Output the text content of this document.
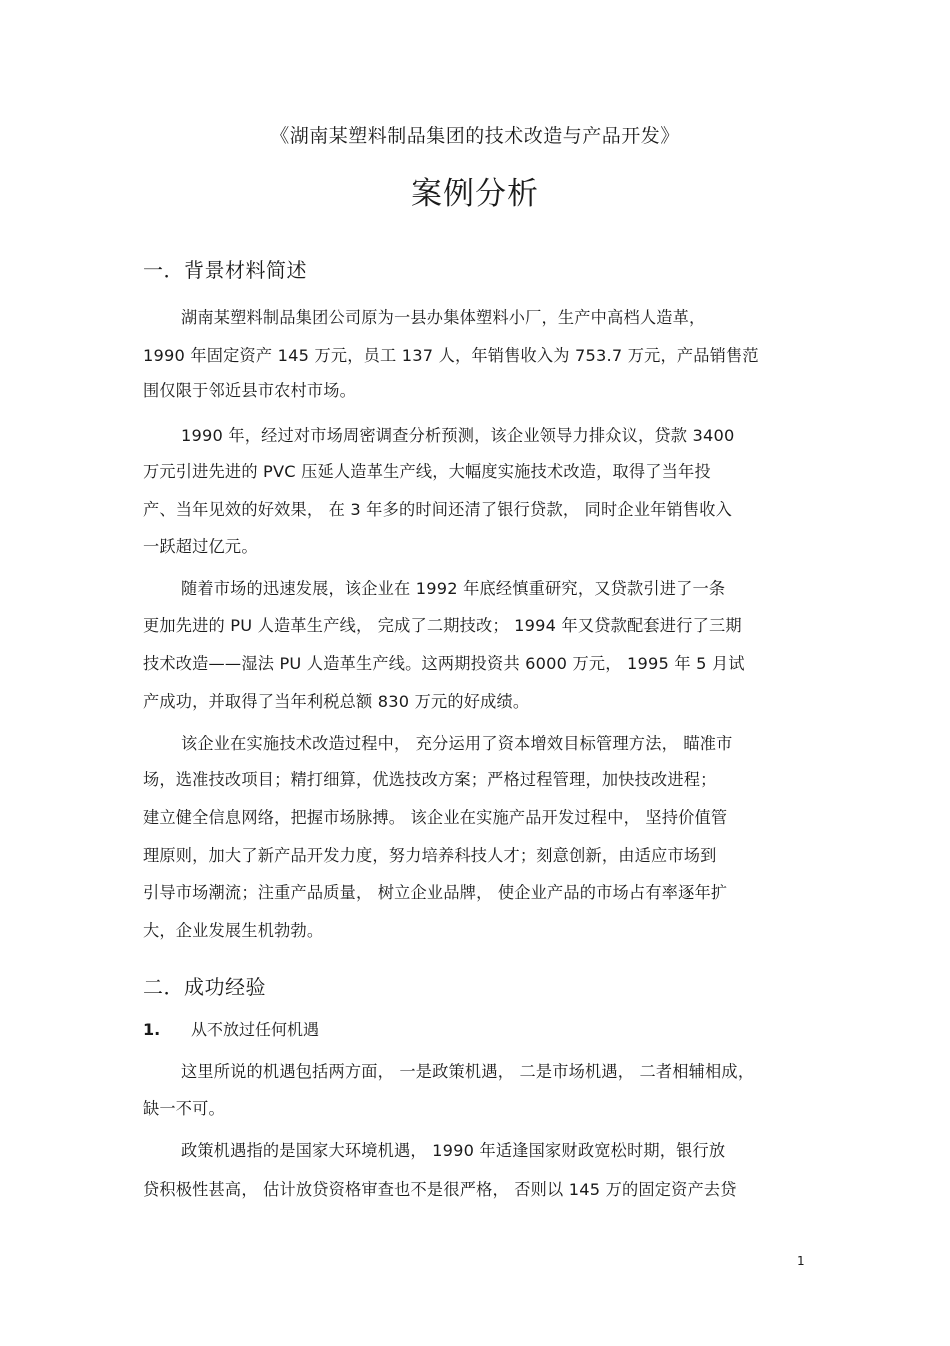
《湖南某塑料制品集团的技术改造与产品开发》
案例分析
一．背景材料简述
湖南某塑料制品集团公司原为一县办集体塑料小厂，生产中高档人造革，
1990 年固定资产 145 万元，员工 137 人，年销售收入为 753.7 万元，产品销售范
围仅限于邻近县市农村市场。
1990 年，经过对市场周密调查分析预测，该企业领导力排众议，贷款 3400
万元引进先进的 PVC 压延人造革生产线，大幅度实施技术改造，取得了当年投
产、当年见效的好效果， 在 3 年多的时间还清了银行贷款， 同时企业年销售收入
一跃超过亿元。
随着市场的迅速发展，该企业在 1992 年底经慎重研究，又贷款引进了一条
更加先进的 PU 人造革生产线， 完成了二期技改； 1994 年又贷款配套进行了三期
技术改造——湿法 PU 人造革生产线。这两期投资共 6000 万元， 1995 年 5 月试
产成功，并取得了当年利税总额 830 万元的好成绩。
该企业在实施技术改造过程中， 充分运用了资本增效目标管理方法， 瞄准市
场，选准技改项目；精打细算，优选技改方案；严格过程管理，加快技改进程；
建立健全信息网络，把握市场脉搏。 该企业在实施产品开发过程中， 坚持价值管
理原则，加大了新产品开发力度，努力培养科技人才；刻意创新，由适应市场到
引导市场潮流；注重产品质量， 树立企业品牌， 使企业产品的市场占有率逐年扩
大，企业发展生机勃勃。
二．成功经验
1. 从不放过任何机遇
这里所说的机遇包括两方面， 一是政策机遇， 二是市场机遇， 二者相辅相成，
缺一不可。
政策机遇指的是国家大环境机遇， 1990 年适逢国家财政宽松时期，银行放
贷积极性甚高， 估计放贷资格审查也不是很严格， 否则以 145 万的固定资产去贷
1
